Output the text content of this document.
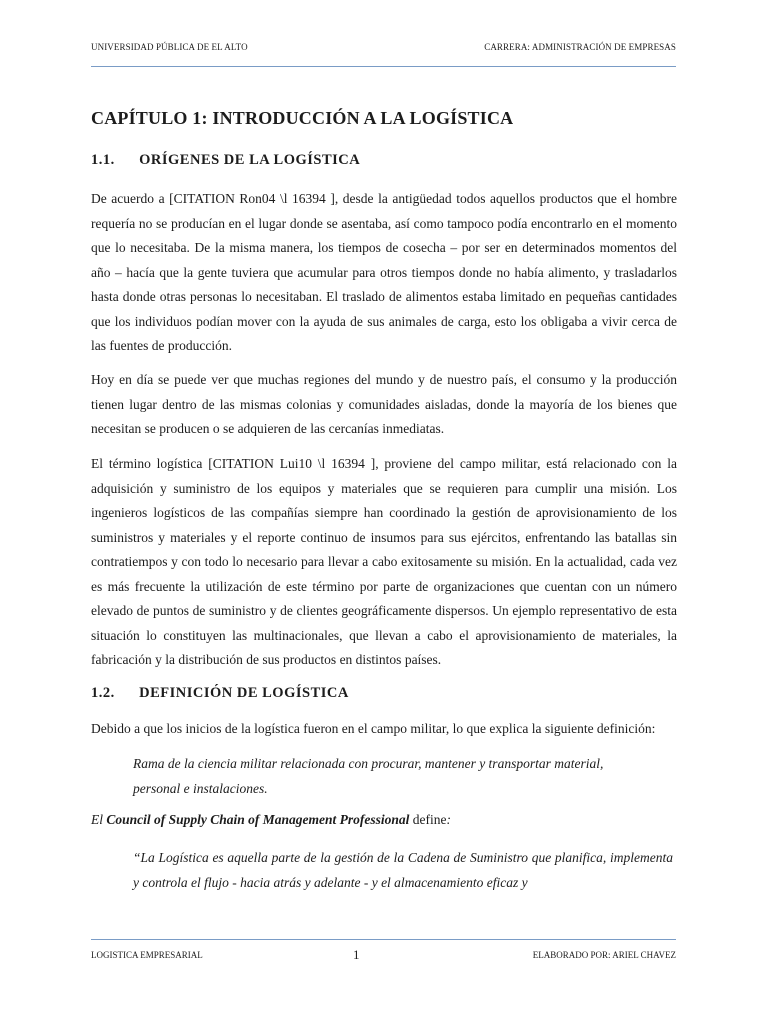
UNIVERSIDAD PÚBLICA DE EL ALTO	CARRERA: ADMINISTRACIÓN DE EMPRESAS
CAPÍTULO 1: INTRODUCCIÓN A LA LOGÍSTICA
1.1. ORÍGENES DE LA LOGÍSTICA
De acuerdo a [CITATION Ron04 \l 16394 ], desde la antigüedad todos aquellos productos que el hombre requería no se producían en el lugar donde se asentaba, así como tampoco podía encontrarlo en el momento que lo necesitaba. De la misma manera, los tiempos de cosecha – por ser en determinados momentos del año – hacía que la gente tuviera que acumular para otros tiempos donde no había alimento, y trasladarlos hasta donde otras personas lo necesitaban. El traslado de alimentos estaba limitado en pequeñas cantidades que los individuos podían mover con la ayuda de sus animales de carga, esto los obligaba a vivir cerca de las fuentes de producción.
Hoy en día se puede ver que muchas regiones del mundo y de nuestro país, el consumo y la producción tienen lugar dentro de las mismas colonias y comunidades aisladas, donde la mayoría de los bienes que necesitan se producen o se adquieren de las cercanías inmediatas.
El término logística [CITATION Lui10 \l 16394 ], proviene del campo militar, está relacionado con la adquisición y suministro de los equipos y materiales que se requieren para cumplir una misión. Los ingenieros logísticos de las compañías siempre han coordinado la gestión de aprovisionamiento de los suministros y materiales y el reporte continuo de insumos para sus ejércitos, enfrentando las batallas sin contratiempos y con todo lo necesario para llevar a cabo exitosamente su misión. En la actualidad, cada vez es más frecuente la utilización de este término por parte de organizaciones que cuentan con un número elevado de puntos de suministro y de clientes geográficamente dispersos. Un ejemplo representativo de esta situación lo constituyen las multinacionales, que llevan a cabo el aprovisionamiento de materiales, la fabricación y la distribución de sus productos en distintos países.
1.2. DEFINICIÓN DE LOGÍSTICA
Debido a que los inicios de la logística fueron en el campo militar, lo que explica la siguiente definición:
Rama de la ciencia militar relacionada con procurar, mantener y transportar material, personal e instalaciones.
El Council of Supply Chain of Management Professional define:
“La Logística es aquella parte de la gestión de la Cadena de Suministro que planifica, implementa y controla el flujo - hacia atrás y adelante - y el almacenamiento eficaz y
LOGISTICA EMPRESARIAL	1	ELABORADO POR: ARIEL CHAVEZ
